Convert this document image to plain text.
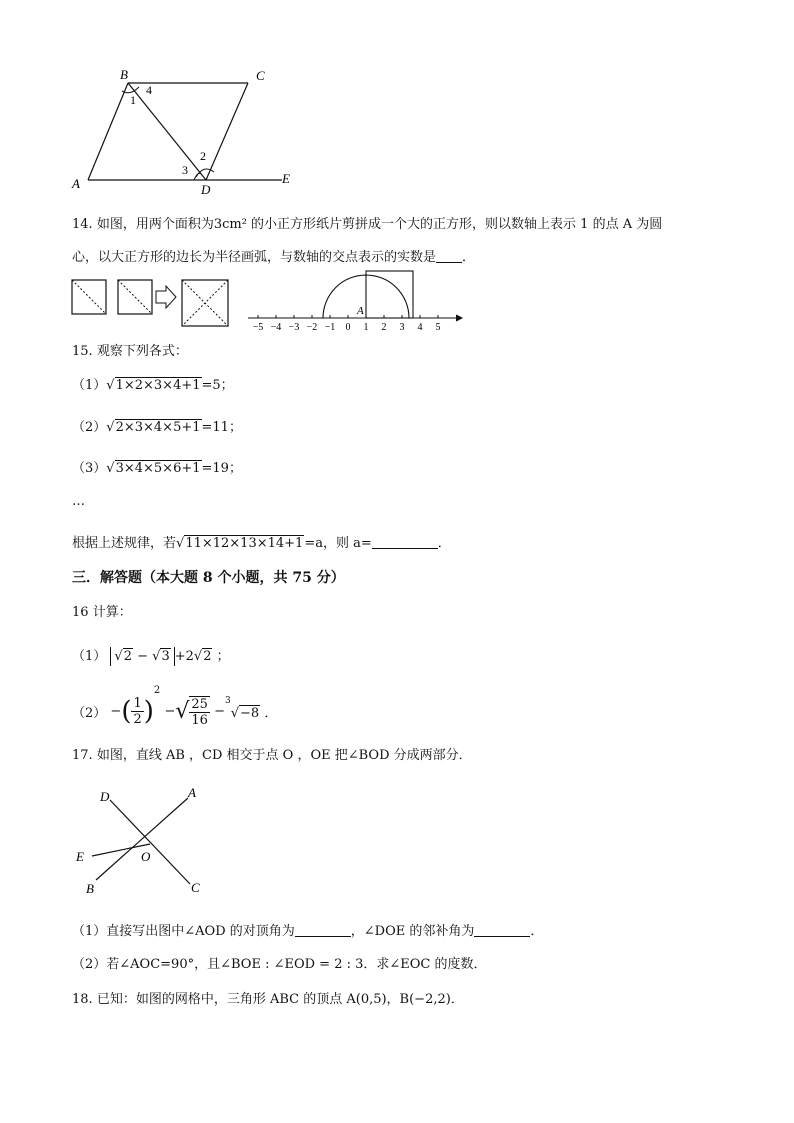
B	C
A	D
E
1
4
2
3
14. 如图，用两个面积为3cm² 的小正方形纸片剪拼成一个大的正方形，则以数轴上表示 1 的点 A 为圆
心，以大正方形的边长为半径画弧，与数轴的交点表示的实数是 ．
−5 −4 −3 −2 −1 0 1 2 3 4 5
A
15. 观察下列各式：
（1）√1×2×3×4+1=5；
（2）√2×3×4×5+1=11；
（3）√3×4×5×6+1=19；
…
根据上述规律，若√11×12×13×14+1=a，则 a=	．
三．解答题（本大题 8 个小题，共 75 分）
16 计算：
（1） √2 − √3 +2√2 ；
（2） −( $\frac{1}{2} )^2$ −√ $\frac{25}{16} -^3√-8$ ．
17. 如图，直线 AB ，CD 相交于点 O ，OE 把∠BOD 分成两部分．
D	A
E	O
B	C
（1）直接写出图中∠AOD 的对顶角为	，∠DOE 的邻补角为	．
（2）若∠AOC=90°，且∠BOE : ∠EOD = 2 : 3．求∠EOC 的度数．
18. 已知：如图的网格中，三角形 ABC 的顶点 A(0,5)，B(−2,2)．
